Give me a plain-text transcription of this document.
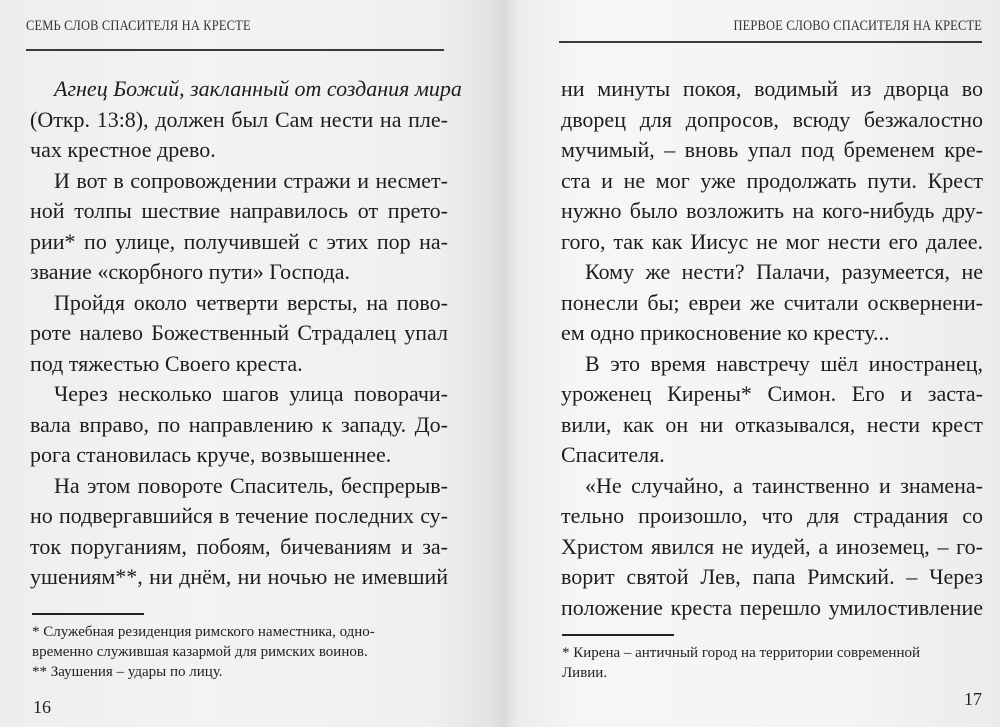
СЕМЬ СЛОВ СПАСИТЕЛЯ НА КРЕСТЕ
Агнец Божий, закланный от создания мира
(Откр. 13:8), должен был Сам нести на пле-
чах крестное древо.
И вот в сопровождении стражи и несмет-
ной толпы шествие направилось от прето-
рии* по улице, получившей с этих пор на-
звание «скорбного пути» Господа.
Пройдя около четверти версты, на пово-
роте налево Божественный Страдалец упал
под тяжестью Своего креста.
Через несколько шагов улица поворачи-
вала вправо, по направлению к западу. До-
рога становилась круче, возвышеннее.
На этом повороте Спаситель, беспрерыв-
но подвергавшийся в течение последних су-
ток поруганиям, побоям, бичеваниям и за-
ушениям**, ни днём, ни ночью не имевший
* Служебная резиденция римского наместника, одно-
временно служившая казармой для римских воинов.
** Заушения – удары по лицу.
16
ПЕРВОЕ СЛОВО СПАСИТЕЛЯ НА КРЕСТЕ
ни минуты покоя, водимый из дворца во
дворец для допросов, всюду безжалостно
мучимый, – вновь упал под бременем кре-
ста и не мог уже продолжать пути. Крест
нужно было возложить на кого-нибудь дру-
гого, так как Иисус не мог нести его далее.
Кому же нести? Палачи, разумеется, не
понесли бы; евреи же считали осквернени-
ем одно прикосновение ко кресту...
В это время навстречу шёл иностранец,
уроженец Кирены* Симон. Его и заста-
вили, как он ни отказывался, нести крест
Спасителя.
«Не случайно, а таинственно и знамена-
тельно произошло, что для страдания со
Христом явился не иудей, а иноземец, – го-
ворит святой Лев, папа Римский. – Через
положение креста перешло умилостивление
* Кирена – античный город на территории современной
Ливии.
17
